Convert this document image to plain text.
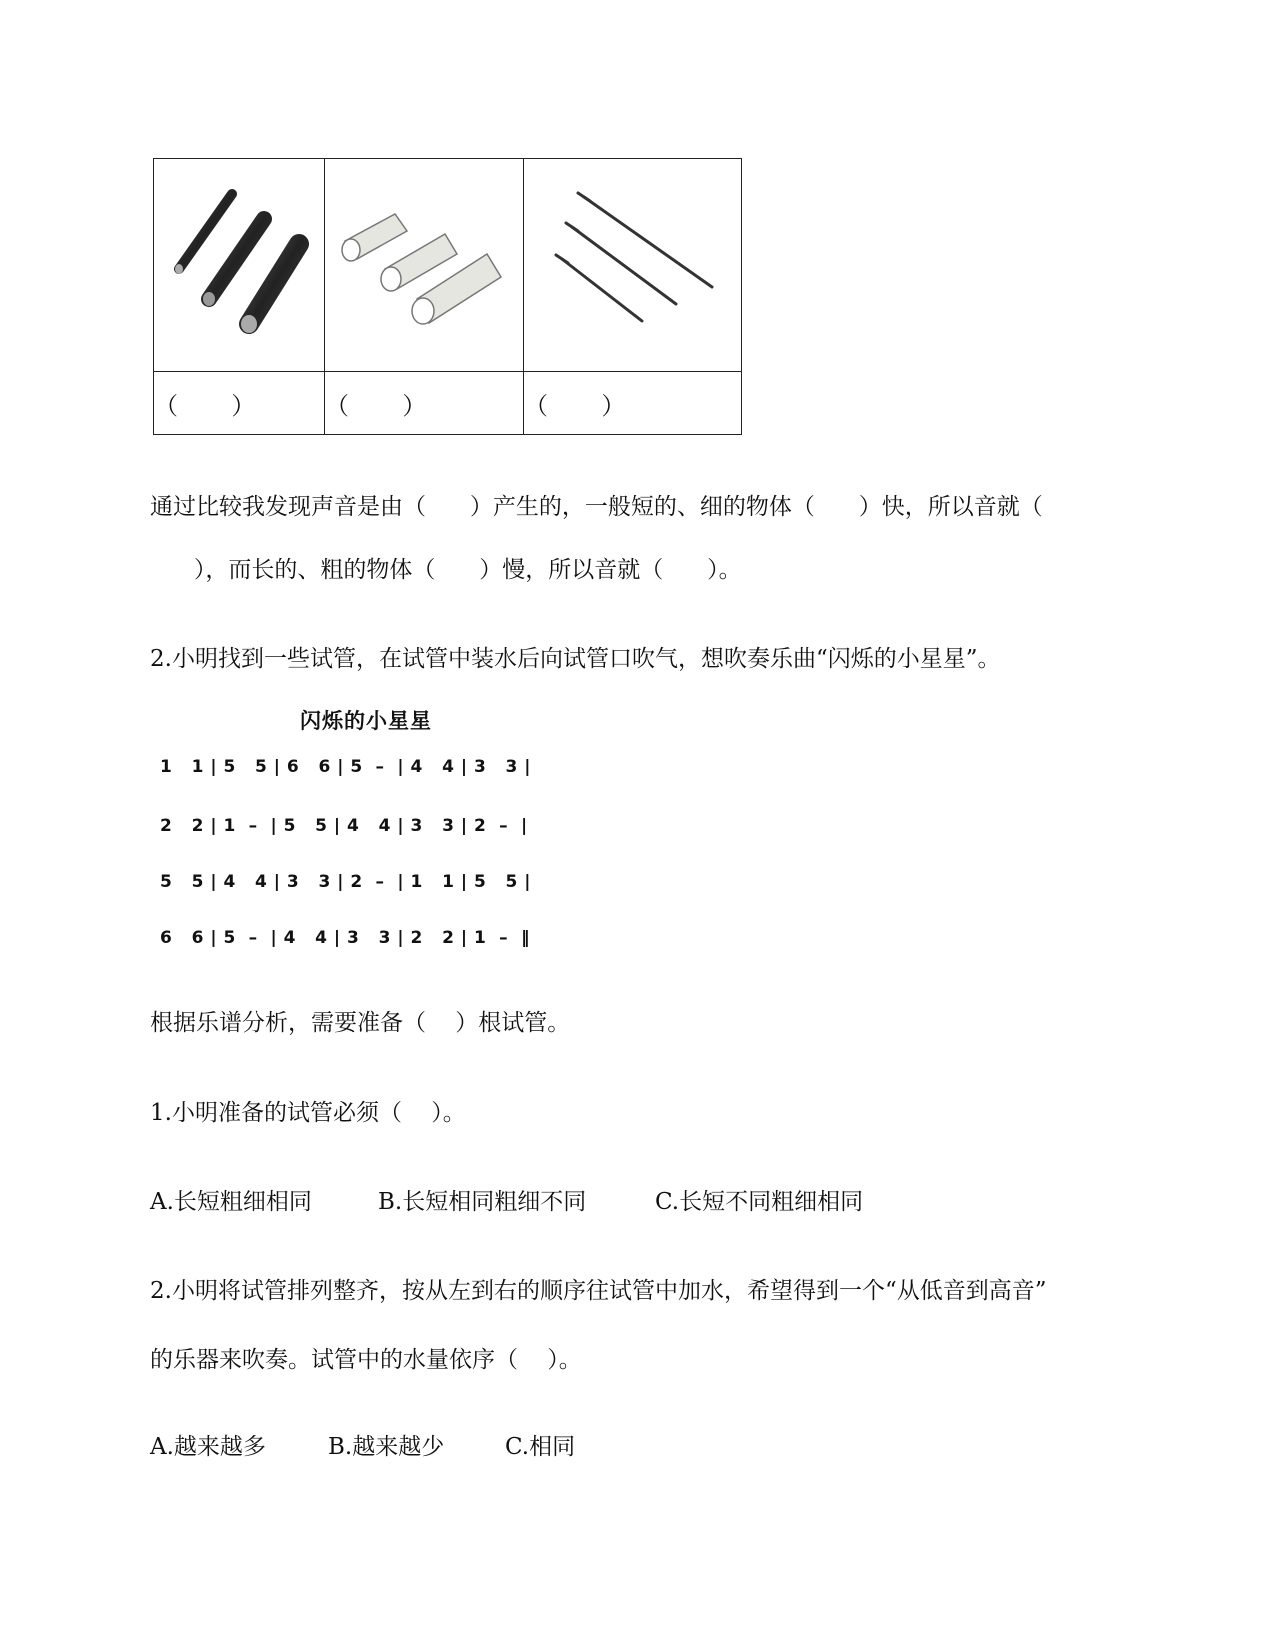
（       ）	（       ）	（       ）
通过比较我发现声音是由（      ）产生的，一般短的、细的物体（      ）快，所以音就（
），而长的、粗的物体（      ）慢，所以音就（      ）。
2.小明找到一些试管，在试管中装水后向试管口吹气，想吹奏乐曲“闪烁的小星星”。
闪烁的小星星
1   1 | 5   5 | 6   6 | 5  –  | 4   4 | 3   3 |
2   2 | 1  –  | 5   5 | 4   4 | 3   3 | 2  –  |
5   5 | 4   4 | 3   3 | 2  –  | 1   1 | 5   5 |
6   6 | 5  –  | 4   4 | 3   3 | 2   2 | 1  –  ‖
根据乐谱分析，需要准备（    ）根试管。
1.小明准备的试管必须（    ）。
A.长短粗细相同	B.长短相同粗细不同	C.长短不同粗细相同
2.小明将试管排列整齐，按从左到右的顺序往试管中加水，希望得到一个“从低音到高音”
的乐器来吹奏。试管中的水量依序（    ）。
A.越来越多	B.越来越少	C.相同
